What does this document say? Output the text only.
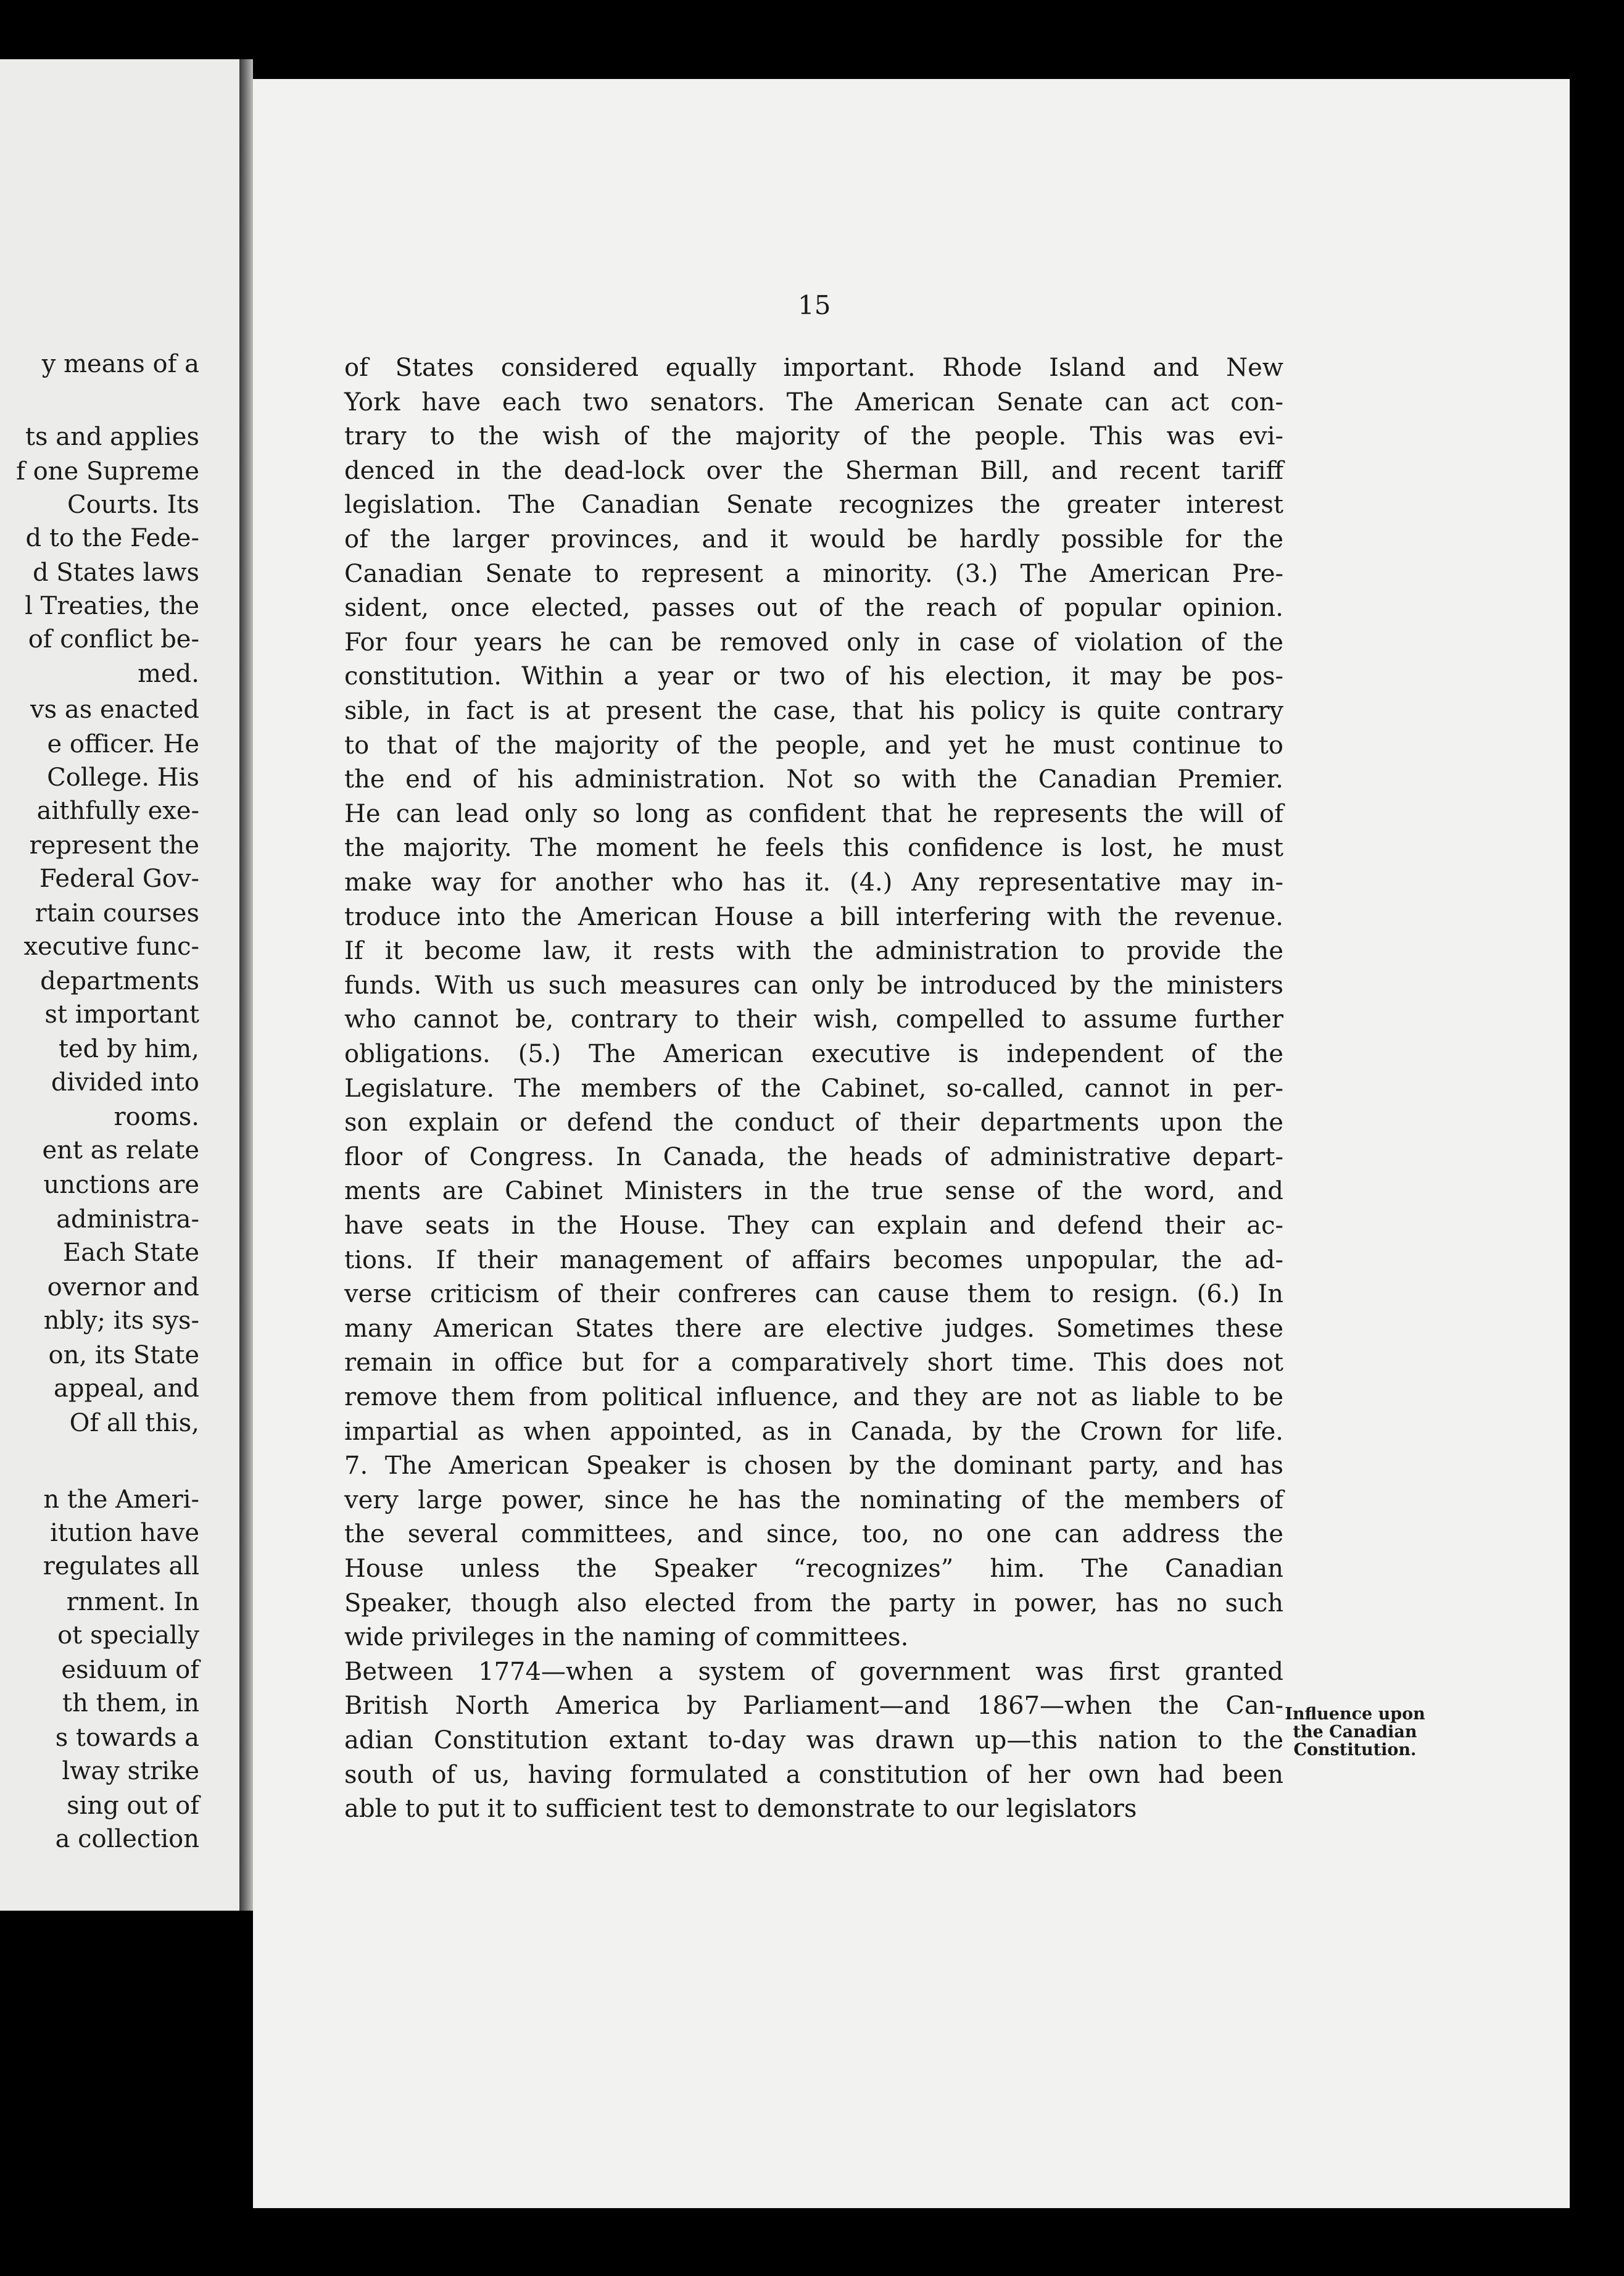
y means of a
ts and applies
f one Supreme
Courts. Its
d to the Fede-
d States laws
l Treaties, the
of conflict be-
med.
vs as enacted
e officer. He
College. His
aithfully exe-
represent the
Federal Gov-
rtain courses
xecutive func-
departments
st important
ted by him,
divided into
rooms.
ent as relate
unctions are
administra-
Each State
overnor and
nbly; its sys-
on, its State
appeal, and
Of all this,
n the Ameri-
itution have
regulates all
rnment. In
ot specially
esiduum of
th them, in
s towards a
lway strike
sing out of
a collection
15
of States considered equally important. Rhode Island and New
York have each two senators. The American Senate can act con-
trary to the wish of the majority of the people. This was evi-
denced in the dead-lock over the Sherman Bill, and recent tariff
legislation. The Canadian Senate recognizes the greater interest
of the larger provinces, and it would be hardly possible for the
Canadian Senate to represent a minority. (3.) The American Pre-
sident, once elected, passes out of the reach of popular opinion.
For four years he can be removed only in case of violation of the
constitution. Within a year or two of his election, it may be pos-
sible, in fact is at present the case, that his policy is quite contrary
to that of the majority of the people, and yet he must continue to
the end of his administration. Not so with the Canadian Premier.
He can lead only so long as confident that he represents the will of
the majority. The moment he feels this confidence is lost, he must
make way for another who has it. (4.) Any representative may in-
troduce into the American House a bill interfering with the revenue.
If it become law, it rests with the administration to provide the
funds. With us such measures can only be introduced by the ministers
who cannot be, contrary to their wish, compelled to assume further
obligations. (5.) The American executive is independent of the
Legislature. The members of the Cabinet, so-called, cannot in per-
son explain or defend the conduct of their departments upon the
floor of Congress. In Canada, the heads of administrative depart-
ments are Cabinet Ministers in the true sense of the word, and
have seats in the House. They can explain and defend their ac-
tions. If their management of affairs becomes unpopular, the ad-
verse criticism of their confreres can cause them to resign. (6.) In
many American States there are elective judges. Sometimes these
remain in office but for a comparatively short time. This does not
remove them from political influence, and they are not as liable to be
impartial as when appointed, as in Canada, by the Crown for life.
7. The American Speaker is chosen by the dominant party, and has
very large power, since he has the nominating of the members of
the several committees, and since, too, no one can address the
House unless the Speaker “recognizes” him. The Canadian
Speaker, though also elected from the party in power, has no such
wide privileges in the naming of committees.
Between 1774—when a system of government was first granted
British North America by Parliament—and 1867—when the Can-
adian Constitution extant to-day was drawn up—this nation to the
south of us, having formulated a constitution of her own had been
able to put it to sufficient test to demonstrate to our legislators
Influence upon
the Canadian
Constitution.
